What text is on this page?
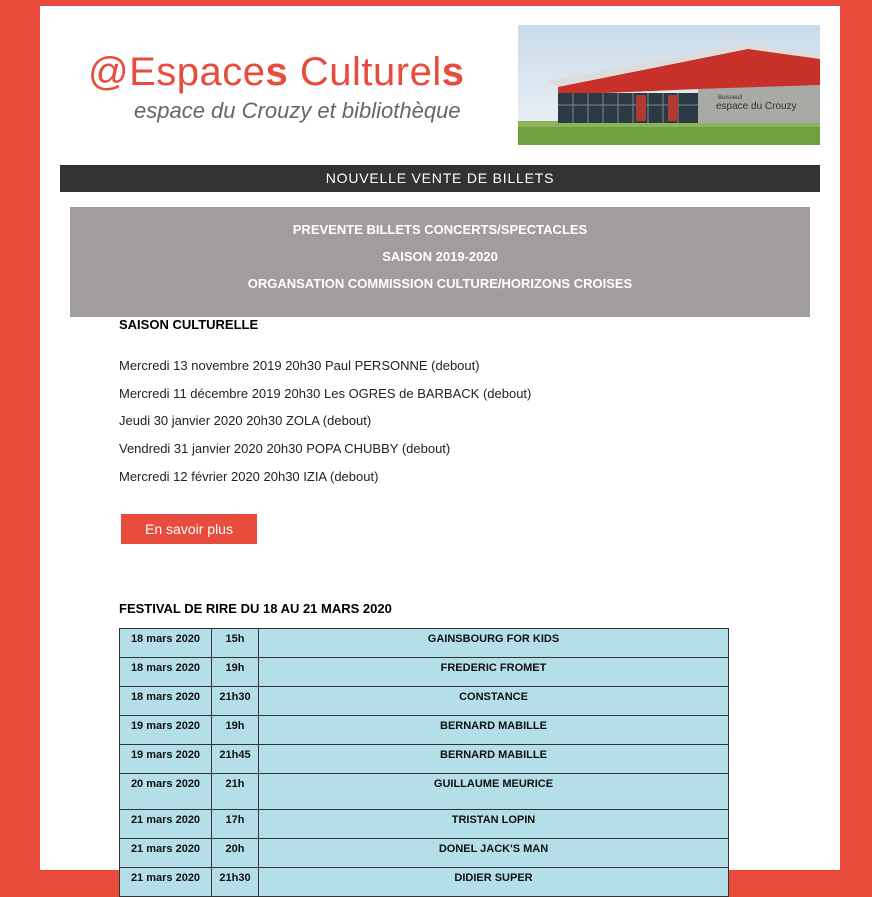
@Espaces Culturels
espace du Crouzy et bibliothèque	Boisseuil
espace du Crouzy
NOUVELLE VENTE DE BILLETS
PREVENTE BILLETS CONCERTS/SPECTACLES
SAISON 2019-2020
ORGANSATION COMMISSION CULTURE/HORIZONS CROISES
SAISON CULTURELLE
Mercredi 13 novembre 2019 20h30 Paul PERSONNE (debout)
Mercredi 11 décembre 2019 20h30 Les OGRES de BARBACK (debout)
Jeudi 30 janvier 2020 20h30 ZOLA (debout)
Vendredi 31 janvier 2020 20h30 POPA CHUBBY (debout)
Mercredi 12 février 2020 20h30 IZIA (debout)
En savoir plus
FESTIVAL DE RIRE DU 18 AU 21 MARS 2020
18 mars 2020	15h	GAINSBOURG FOR KIDS
18 mars 2020	19h	FREDERIC FROMET
18 mars 2020	21h30	CONSTANCE
19 mars 2020	19h	BERNARD MABILLE
19 mars 2020	21h45	BERNARD MABILLE
20 mars 2020	21h	GUILLAUME MEURICE
21 mars 2020	17h	TRISTAN LOPIN
21 mars 2020	20h	DONEL JACK'S MAN
21 mars 2020	21h30	DIDIER SUPER
